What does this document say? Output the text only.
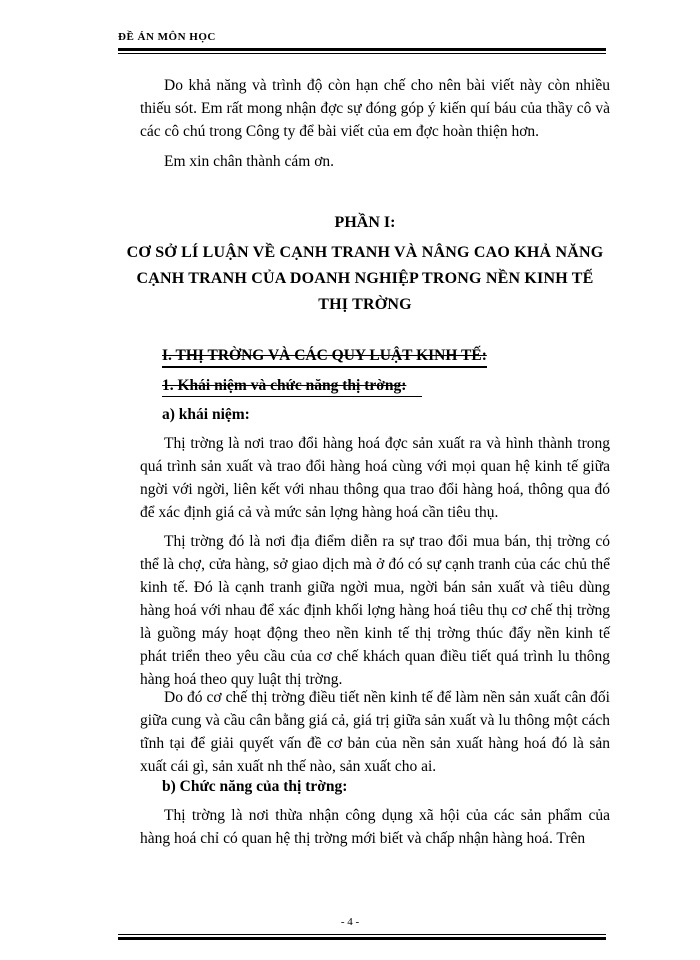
ĐỀ ÁN MÔN HỌC

Do khả năng và trình độ còn hạn chế cho nên bài viết này còn nhiều thiếu sót. Em rất mong nhận đợc sự đóng góp ý kiến quí báu của thầy cô và các cô chú trong Công ty để bài viết của em đợc hoàn thiện hơn.

Em xin chân thành cám ơn.

PHẦN I:
CƠ SỞ LÍ LUẬN VỀ CẠNH TRANH VÀ NÂNG CAO KHẢ NĂNG CẠNH TRANH CỦA DOANH NGHIỆP TRONG NỀN KINH TẾ THỊ TRỜNG
I. THỊ TRỜNG VÀ CÁC QUY LUẬT KINH TẾ:
1. Khái niệm và chức năng thị trờng:
a) khái niệm:

Thị trờng là nơi trao đổi hàng hoá đợc sản xuất ra và hình thành trong quá trình sản xuất và trao đổi hàng hoá cùng với mọi quan hệ kinh tế giữa ngời với ngời, liên kết với nhau thông qua trao đổi hàng hoá, thông qua đó để xác định giá cả và mức sản lợng hàng hoá cần tiêu thụ.

Thị trờng đó là nơi địa điểm diễn ra sự trao đổi mua bán, thị trờng có thể là chợ, cửa hàng, sở giao dịch mà ở đó có sự cạnh tranh của các chủ thể kinh tế. Đó là cạnh tranh giữa ngời mua, ngời bán sản xuất và tiêu dùng hàng hoá với nhau để xác định khối lợng hàng hoá tiêu thụ cơ chế thị trờng là guồng máy hoạt động theo nền kinh tế thị trờng thúc đẩy nền kinh tế phát triển theo yêu cầu của cơ chế khách quan điều tiết quá trình lu thông hàng hoá theo quy luật thị trờng.

Do đó cơ chế thị trờng điều tiết nền kinh tế để làm nền sản xuất cân đối giữa cung và cầu cân bằng giá cả, giá trị giữa sản xuất và lu thông một cách tĩnh tại để giải quyết vấn đề cơ bản của nền sản xuất hàng hoá đó là sản xuất cái gì, sản xuất nh thế nào, sản xuất cho ai.

b) Chức năng của thị trờng:

Thị trờng là nơi thừa nhận công dụng xã hội của các sản phẩm của hàng hoá chỉ có quan hệ thị trờng mới biết và chấp nhận hàng hoá. Trên

- 4 -
